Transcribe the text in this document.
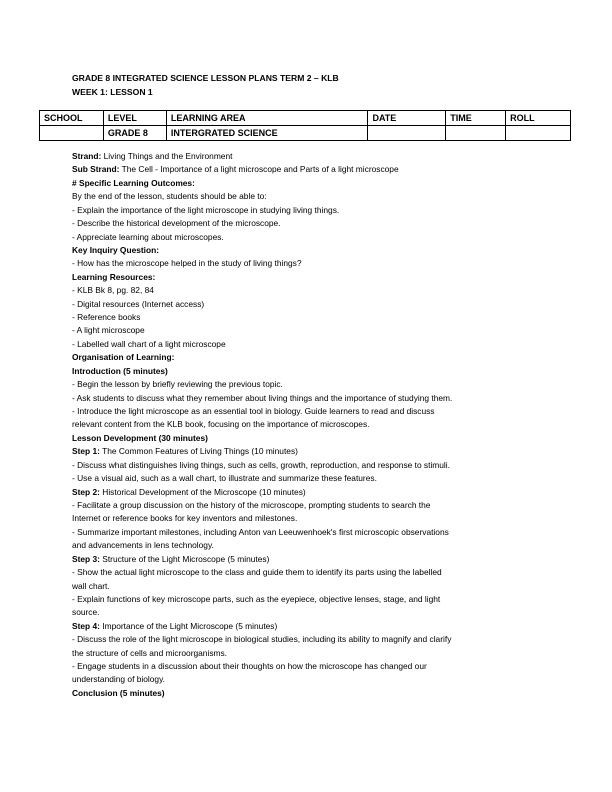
GRADE 8 INTEGRATED SCIENCE LESSON PLANS TERM 2 – KLB
WEEK 1: LESSON 1
SCHOOL	LEVEL	LEARNING AREA	DATE	TIME	ROLL
	GRADE 8	INTERGRATED SCIENCE			
Strand: Living Things and the Environment
Sub Strand: The Cell - Importance of a light microscope and Parts of a light microscope
# Specific Learning Outcomes:
By the end of the lesson, students should be able to:
- Explain the importance of the light microscope in studying living things.
- Describe the historical development of the microscope.
- Appreciate learning about microscopes.
Key Inquiry Question:
- How has the microscope helped in the study of living things?
Learning Resources:
- KLB Bk 8, pg. 82, 84
- Digital resources (Internet access)
- Reference books
- A light microscope
- Labelled wall chart of a light microscope
Organisation of Learning:
Introduction (5 minutes)
- Begin the lesson by briefly reviewing the previous topic.
- Ask students to discuss what they remember about living things and the importance of studying them.
- Introduce the light microscope as an essential tool in biology. Guide learners to read and discuss
relevant content from the KLB book, focusing on the importance of microscopes.
Lesson Development (30 minutes)
Step 1: The Common Features of Living Things (10 minutes)
- Discuss what distinguishes living things, such as cells, growth, reproduction, and response to stimuli.
- Use a visual aid, such as a wall chart, to illustrate and summarize these features.
Step 2: Historical Development of the Microscope (10 minutes)
- Facilitate a group discussion on the history of the microscope, prompting students to search the
Internet or reference books for key inventors and milestones.
- Summarize important milestones, including Anton van Leeuwenhoek's first microscopic observations
and advancements in lens technology.
Step 3: Structure of the Light Microscope (5 minutes)
- Show the actual light microscope to the class and guide them to identify its parts using the labelled
wall chart.
- Explain functions of key microscope parts, such as the eyepiece, objective lenses, stage, and light
source.
Step 4: Importance of the Light Microscope (5 minutes)
- Discuss the role of the light microscope in biological studies, including its ability to magnify and clarify
the structure of cells and microorganisms.
- Engage students in a discussion about their thoughts on how the microscope has changed our
understanding of biology.
Conclusion (5 minutes)
